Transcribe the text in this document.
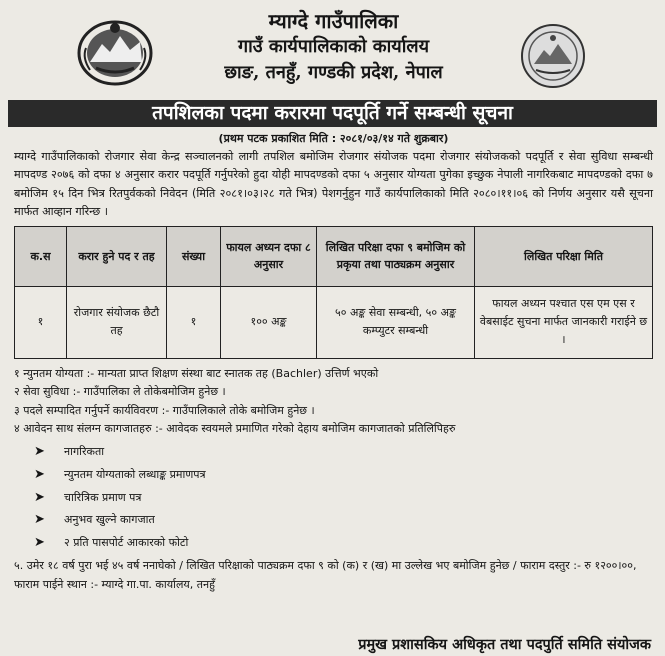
म्याग्दे गाउँपालिका
गाउँ कार्यपालिकाको कार्यालय
छाङ, तनहुँ, गण्डकी प्रदेश, नेपाल
तपशिलका पदमा करारमा पदपूर्ति गर्ने सम्बन्धी सूचना
(प्रथम पटक प्रकाशित मिति : २०८१/०३/१४ गते शुक्रबार)

म्याग्दे गाउँपालिकाको रोजगार सेवा केन्द्र सञ्चालनको लागी तपशिल बमोजिम रोजगार संयोजक पदमा रोजगार संयोजकको पदपूर्ति र सेवा सुविधा सम्बन्धी मापदण्ड २०७६ को दफा ४ अनुसार करार पदपूर्ति गर्नुपरेको हुदा योही मापदण्डको दफा ५ अनुसार योग्यता पुगेका इच्छुक नेपाली नागरिकबाट मापदण्डको दफा ७ बमोजिम १५ दिन भित्र रितपुर्वकको निवेदन (मिति २०८१।०३।२८ गते भित्र) पेशगर्नुहुन गाउँ कार्यपालिकाको मिति २०८०।११।०६ को निर्णय अनुसार यसै सूचना मार्फत आव्हान गरिन्छ ।

क.स	करार हुने पद र तह	संख्या	फायल अध्यन दफा ८ अनुसार	लिखित परिक्षा दफा ९ बमोजिम को प्रकृया तथा पाठ्यक्रम अनुसार	लिखित परिक्षा मिति
१	रोजगार संयोजक छैटौ तह	१	१०० अङ्क	५० अङ्क सेवा सम्बन्धी, ५० अङ्क कम्प्युटर सम्बन्धी	फायल अध्यन पश्चात एस एम एस र वेबसाईट सुचना मार्फत जानकारी गराईने छ ।
१ न्युनतम योग्यता :- मान्यता प्राप्त शिक्षण संस्था बाट स्नातक तह (Bachler) उत्तिर्ण भएको
२ सेवा सुविधा :- गाउँपालिका ले तोकेबमोजिम हुनेछ ।
३ पदले सम्पादित गर्नुपर्ने कार्यविवरण :- गाउँपालिकाले तोके बमोजिम हुनेछ ।
४ आवेदन साथ संलग्न कागजातहरु :- आवेदक स्वयमले प्रमाणित गरेको देहाय बमोजिम कागजातको प्रतिलिपिहरु
➤	नागरिकता
➤	न्युनतम योग्यताको लब्धाङ्क प्रमाणपत्र
➤	चारित्रिक प्रमाण पत्र
➤	अनुभव खुल्ने कागजात
➤	२ प्रति पासपोर्ट आकारको फोटो
५. उमेर १८ वर्ष पुरा भई ४५ वर्ष ननाघेको / लिखित परिक्षाको पाठ्यक्रम दफा ९ को (क) र (ख) मा उल्लेख भए बमोजिम हुनेछ / फाराम दस्तुर :- रु १२००।००, फाराम पाईने स्थान :- म्याग्दे गा.पा. कार्यालय, तनहुँ
प्रमुख प्रशासकिय अधिकृत तथा पदपुर्ति समिति संयोजक
